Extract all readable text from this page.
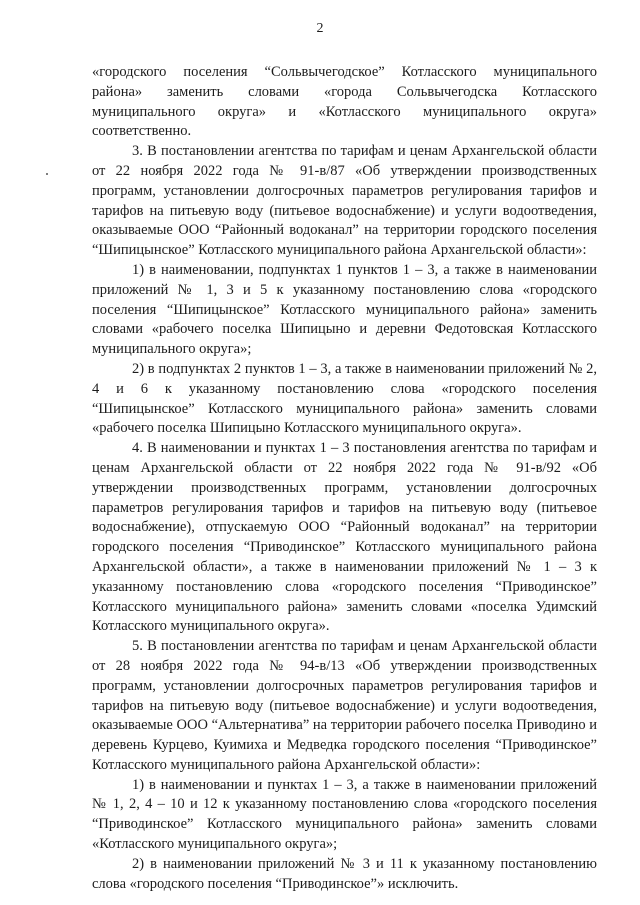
2

«городского поселения “Сольвычегодское” Котласского муниципального района» заменить словами «города Сольвычегодска Котласского муниципального округа» и «Котласского муниципального округа» соответственно.

3. В постановлении агентства по тарифам и ценам Архангельской области от 22 ноября 2022 года № 91-в/87 «Об утверждении производственных программ, установлении долгосрочных параметров регулирования тарифов и тарифов на питьевую воду (питьевое водоснабжение) и услуги водоотведения, оказываемые ООО “Районный водоканал” на территории городского поселения “Шипицынское” Котласского муниципального района Архангельской области»:

1) в наименовании, подпунктах 1 пунктов 1 – 3, а также в наименовании приложений № 1, 3 и 5 к указанному постановлению слова «городского поселения “Шипицынское” Котласского муниципального района» заменить словами «рабочего поселка Шипицыно и деревни Федотовская Котласского муниципального округа»;

2) в подпунктах 2 пунктов 1 – 3, а также в наименовании приложений № 2, 4 и 6 к указанному постановлению слова «городского поселения “Шипицынское” Котласского муниципального района» заменить словами «рабочего поселка Шипицыно Котласского муниципального округа».

4. В наименовании и пунктах 1 – 3 постановления агентства по тарифам и ценам Архангельской области от 22 ноября 2022 года № 91-в/92 «Об утверждении производственных программ, установлении долгосрочных параметров регулирования тарифов и тарифов на питьевую воду (питьевое водоснабжение), отпускаемую ООО “Районный водоканал” на территории городского поселения “Приводинское” Котласского муниципального района Архангельской области», а также в наименовании приложений № 1 – 3 к указанному постановлению слова «городского поселения “Приводинское” Котласского муниципального района» заменить словами «поселка Удимский Котласского муниципального округа».

5. В постановлении агентства по тарифам и ценам Архангельской области от 28 ноября 2022 года № 94-в/13 «Об утверждении производственных программ, установлении долгосрочных параметров регулирования тарифов и тарифов на питьевую воду (питьевое водоснабжение) и услуги водоотведения, оказываемые ООО “Альтернатива” на территории рабочего поселка Приводино и деревень Курцево, Куимиха и Медведка городского поселения “Приводинское” Котласского муниципального района Архангельской области»:

1) в наименовании и пунктах 1 – 3, а также в наименовании приложений № 1, 2, 4 – 10 и 12 к указанному постановлению слова «городского поселения “Приводинское” Котласского муниципального района» заменить словами «Котласского муниципального округа»;

2) в наименовании приложений № 3 и 11 к указанному постановлению слова «городского поселения “Приводинское”» исключить.
